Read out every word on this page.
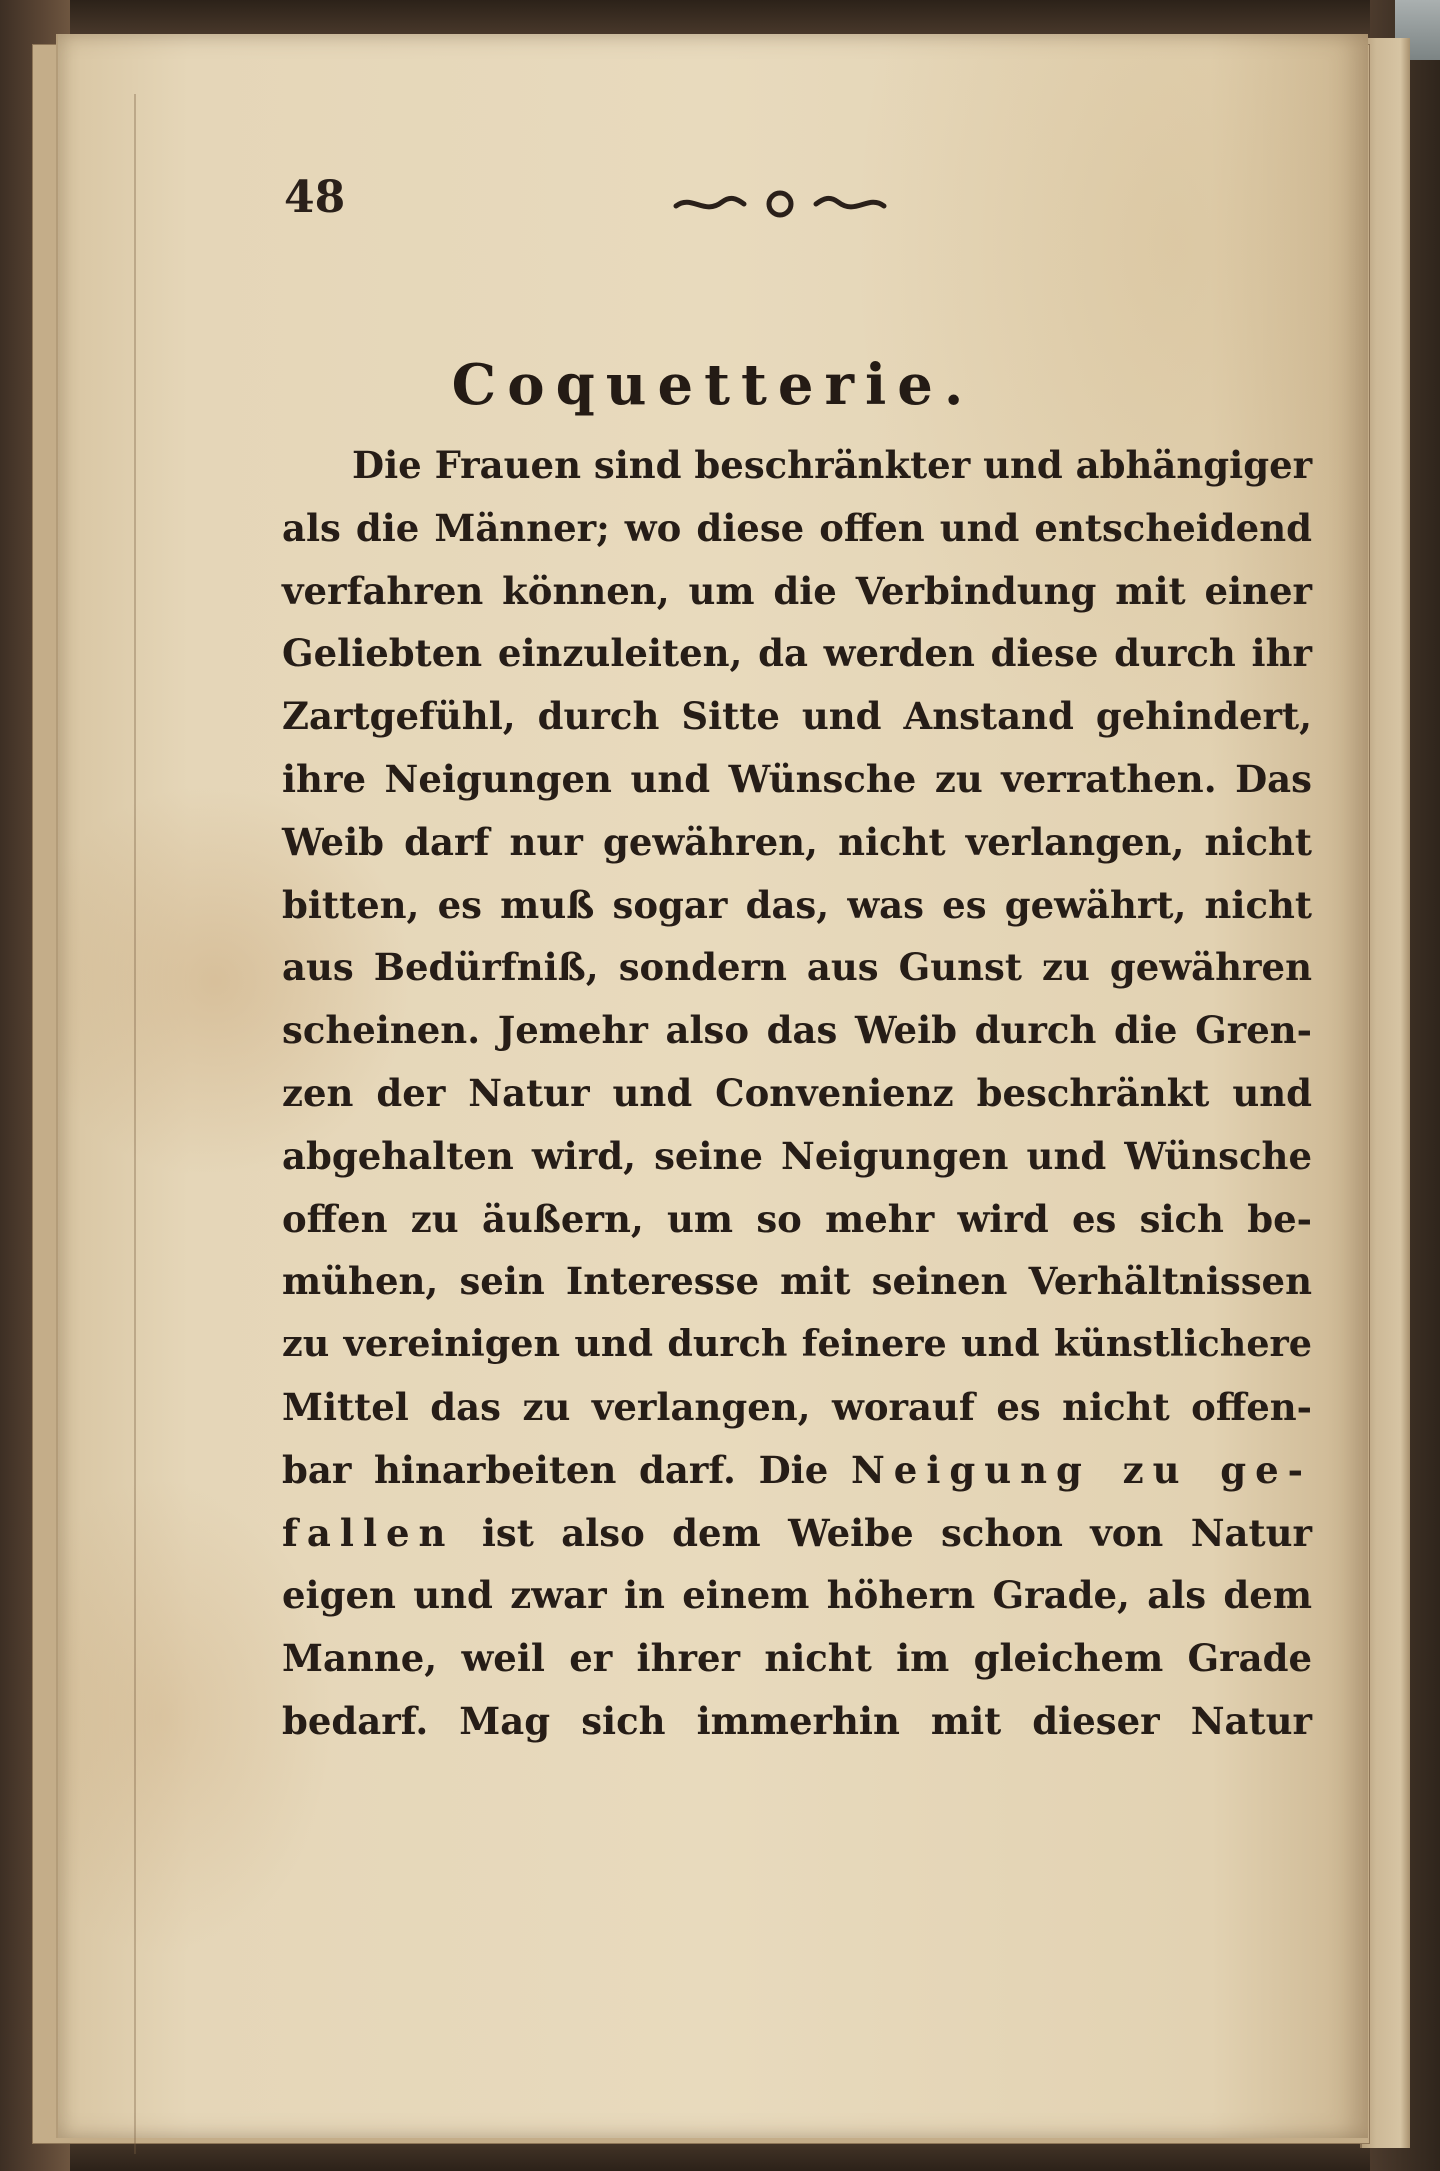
48
Coquetterie.
Die Frauen sind beschränkter und abhängiger
als die Männer; wo diese offen und entscheidend
verfahren können, um die Verbindung mit einer
Geliebten einzuleiten, da werden diese durch ihr
Zartgefühl, durch Sitte und Anstand gehindert,
ihre Neigungen und Wünsche zu verrathen. Das
Weib darf nur gewähren, nicht verlangen, nicht
bitten, es muß sogar das, was es gewährt, nicht
aus Bedürfniß, sondern aus Gunst zu gewähren
scheinen. Jemehr also das Weib durch die Gren-
zen der Natur und Convenienz beschränkt und
abgehalten wird, seine Neigungen und Wünsche
offen zu äußern, um so mehr wird es sich be-
mühen, sein Interesse mit seinen Verhältnissen
zu vereinigen und durch feinere und künstlichere
Mittel das zu verlangen, worauf es nicht offen-
bar hinarbeiten darf. Die Neigung zu ge-
fallen ist also dem Weibe schon von Natur
eigen und zwar in einem höhern Grade, als dem
Manne, weil er ihrer nicht im gleichem Grade
bedarf. Mag sich immerhin mit dieser Natur
